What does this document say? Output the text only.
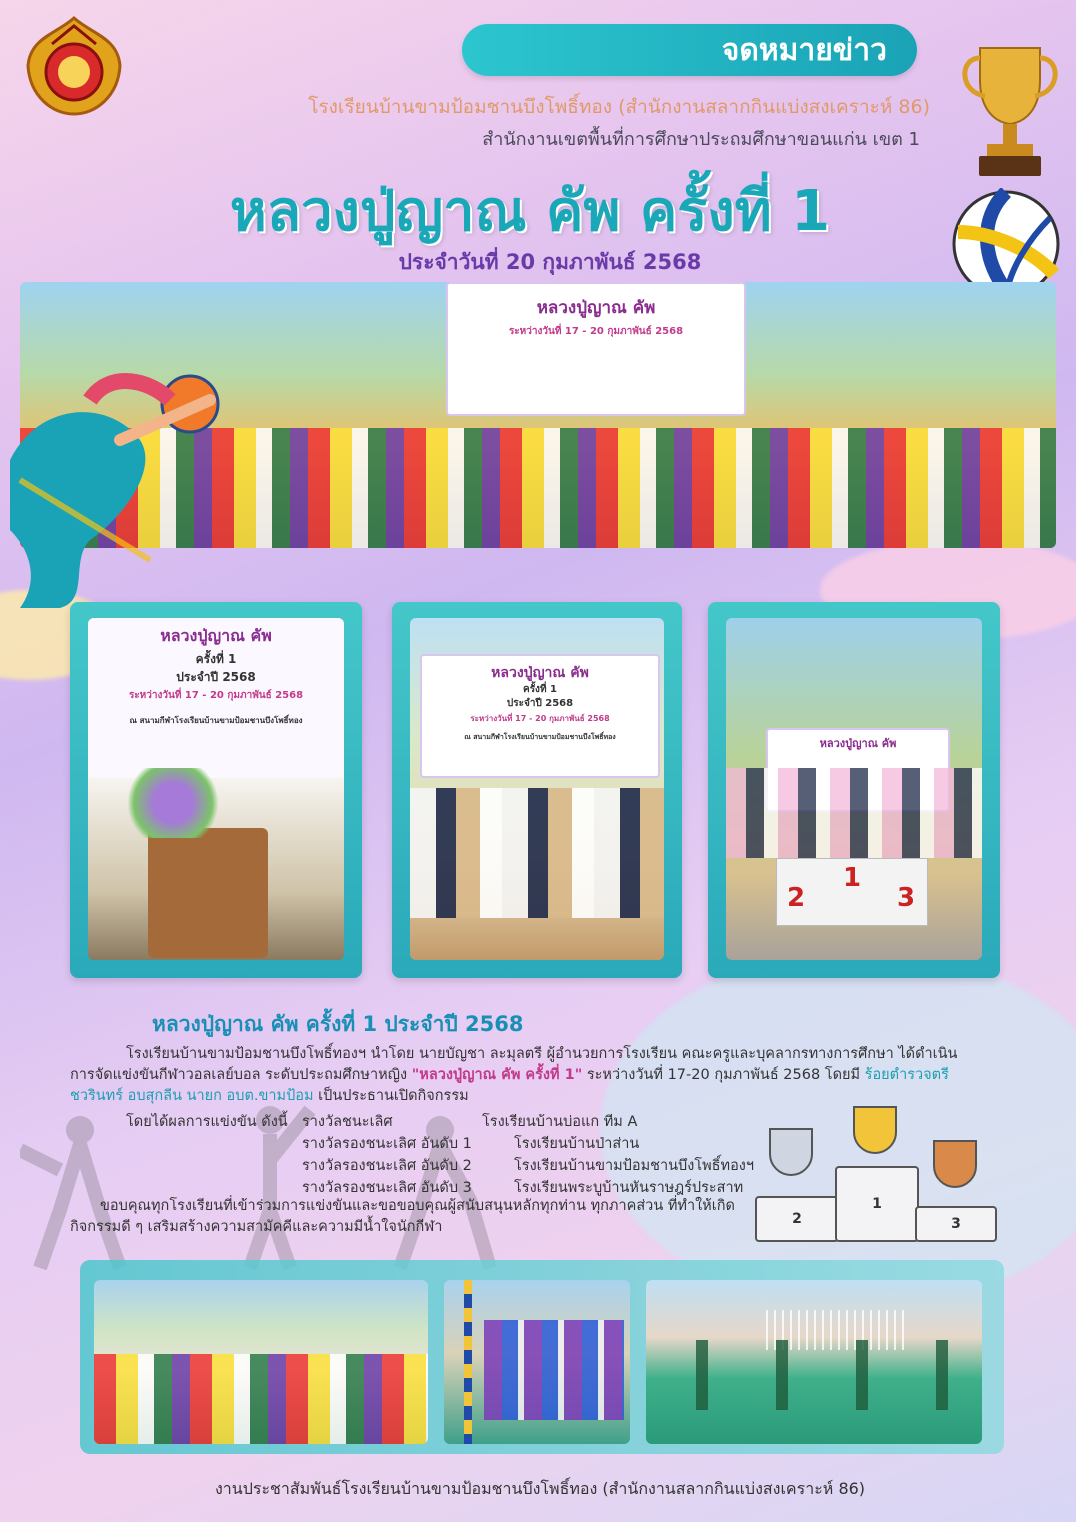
จดหมายข่าว
โรงเรียนบ้านขามป้อมชานบึงโพธิ์ทอง (สำนักงานสลากกินแบ่งสงเคราะห์ 86)
สำนักงานเขตพื้นที่การศึกษาประถมศึกษาขอนแก่น เขต 1
หลวงปู่ญาณ คัพ ครั้งที่ 1
ประจำวันที่ 20 กุมภาพันธ์ 2568
หลวงปู่ญาณ คัพ
ระหว่างวันที่ 17 - 20 กุมภาพันธ์ 2568
หลวงปู่ญาณ คัพ
ครั้งที่ 1
ประจำปี 2568
ระหว่างวันที่ 17 - 20 กุมภาพันธ์ 2568
ณ สนามกีฬาโรงเรียนบ้านขามป้อมชานบึงโพธิ์ทอง
หลวงปู่ญาณ คัพ
ครั้งที่ 1
ประจำปี 2568
ระหว่างวันที่ 17 - 20 กุมภาพันธ์ 2568
ณ สนามกีฬาโรงเรียนบ้านขามป้อมชานบึงโพธิ์ทอง	หลวงปู่ญาณ คัพ
2
1
3
หลวงปู่ญาณ คัพ ครั้งที่ 1 ประจำปี 2568
โรงเรียนบ้านขามป้อมชานบึงโพธิ์ทองฯ นำโดย นายบัญชา ละมุลตรี ผู้อำนวยการโรงเรียน คณะครูและบุคลากรทางการศึกษา ได้ดำเนิน
การจัดแข่งขันกีฬาวอลเลย์บอล ระดับประถมศึกษาหญิง "หลวงปู่ญาณ คัพ ครั้งที่ 1" ระหว่างวันที่ 17-20 กุมภาพันธ์ 2568 โดยมี ร้อยตำรวจตรี
ชวรินทร์ อบสุกลีน นายก อบต.ขามป้อม เป็นประธานเปิดกิจกรรม
โดยได้ผลการแข่งขัน ดังนี้ รางวัลชนะเลิศ	โรงเรียนบ้านบ่อแก ทีม A
รางวัลรองชนะเลิศ อันดับ 1	โรงเรียนบ้านป่าส่าน
รางวัลรองชนะเลิศ อันดับ 2	โรงเรียนบ้านขามป้อมชานบึงโพธิ์ทองฯ
รางวัลรองชนะเลิศ อันดับ 3	โรงเรียนพระบูบ้านหันราษฎร์ประสาท
ขอบคุณทุกโรงเรียนที่เข้าร่วมการแข่งขันและขอขอบคุณผู้สนับสนุนหลักทุกท่าน ทุกภาคส่วน ที่ทำให้เกิด
กิจกรรมดี ๆ เสริมสร้างความสามัคคีและความมีน้ำใจนักกีฬา	2
1
3
งานประชาสัมพันธ์โรงเรียนบ้านขามป้อมชานบึงโพธิ์ทอง (สำนักงานสลากกินแบ่งสงเคราะห์ 86)
